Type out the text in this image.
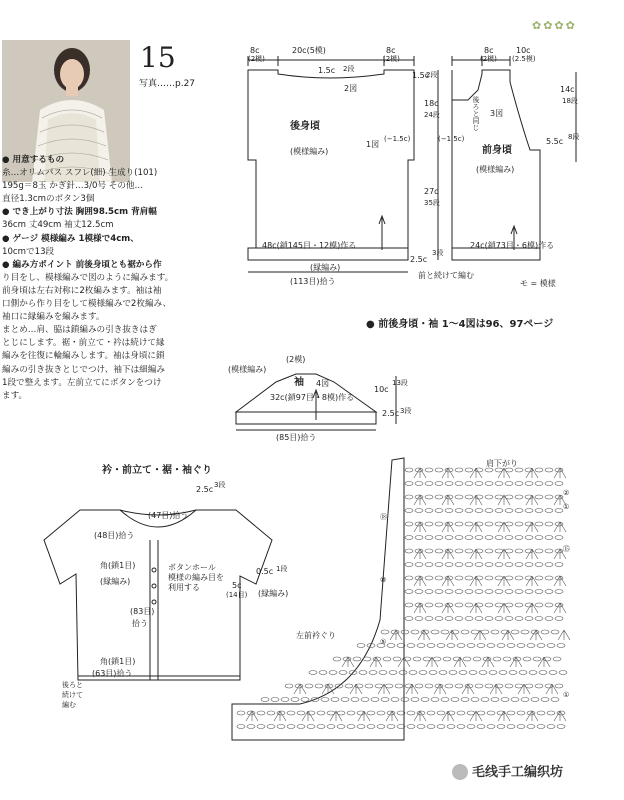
15
写真……p.27
✿✿✿✿

● 用意するもの

糸…オリムパス スフレ(細) 生成り(101)

195g＝8玉 かぎ針…3/0号 その他…

直径1.3cmのボタン3個

● でき上がり寸法 胸囲98.5cm 背肩幅

36cm 丈49cm 袖丈12.5cm

● ゲージ 模様編み 1模様で4cm、

10cmで13段

● 編み方ポイント 前後身頃とも裾から作

り目をし、模様編みで図のように編みます。

前身頃は左右対称に2枚編みます。袖は袖

口側から作り目をして模様編みで2枚編み、

袖口に縁編みを編みます。

まとめ…肩、脇は鎖編みの引き抜きはぎ

とじにします。裾・前立て・衿は続けて縁

編みを往復に輪編みします。袖は身頃に鎖

編みの引き抜きとじでつけ、袖下は細編み

1段で整えます。左前立てにボタンをつけ

ます。

8c
(2模)
20c(5模)	8c
(2模)
1.5c 2段
2図
後身頃
(模様編み)
1図
(−1.5c)
48c(鎖145目・12模)作る
(縁編み)
(113目)拾う
1.5c
2段
18c
24段
27c
35段
2.5c
3段
前と続けて編む
8c
(2模)
10c
(2.5模)
3図
前身頃
(模様編み)
(−1.5c)
後ろと同じ
14c
18段
5.5c 8段
24c(鎖73目・6模)作る
モ = 模様
● 前後身頃・袖 1～4図は96、97ページ
(2模)
(模様編み)
袖 4図
10c
13段
32c(鎖97目・8模)作る
2.5c 3段
(85目)拾う
衿・前立て・裾・袖ぐり
2.5c 3段
(47目)拾う
(48目)拾う
角(鎖1目)
(縁編み)
ボタンホール
模様の編み目を
利用する
0.5c 1段
5c
(14目) (縁編み)
(83目)
拾う
角(鎖1目)
(63目)拾う
後ろと
続けて
編む
肩下がり
左前衿ぐり
②
①
⑱
⑮
⑩
⑤
①
毛线手工编织坊
